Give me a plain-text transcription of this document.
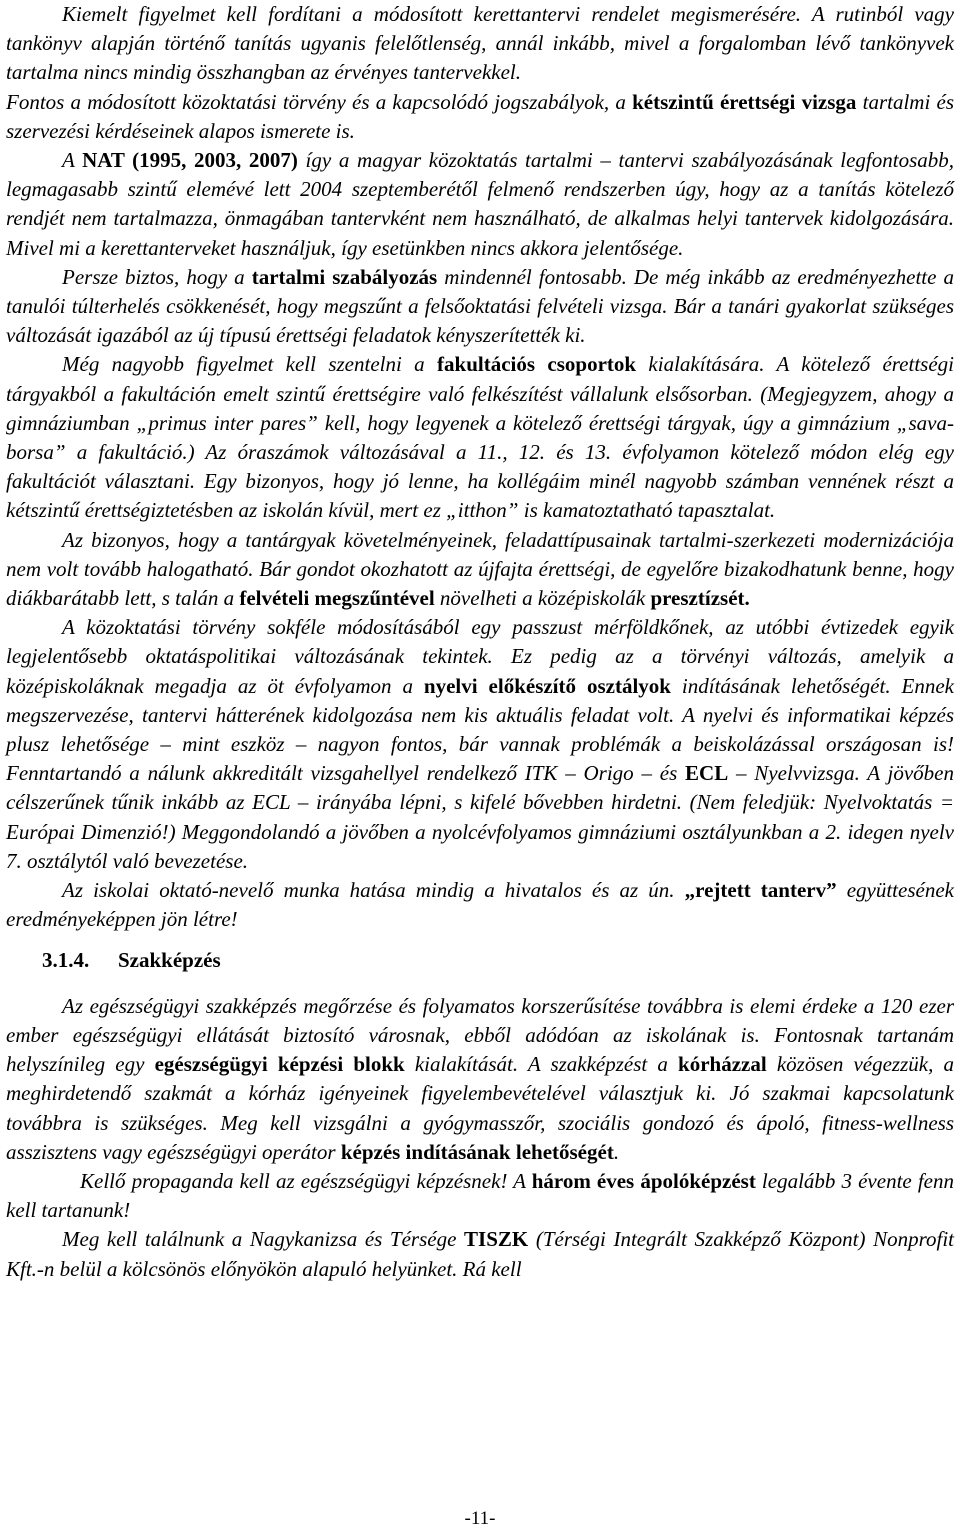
Kiemelt figyelmet kell fordítani a módosított kerettantervi rendelet megismerésére. A rutinból vagy tankönyv alapján történő tanítás ugyanis felelőtlenség, annál inkább, mivel a forgalomban lévő tankönyvek tartalma nincs mindig összhangban az érvényes tantervekkel.

Fontos a módosított közoktatási törvény és a kapcsolódó jogszabályok, a kétszintű érettségi vizsga tartalmi és szervezési kérdéseinek alapos ismerete is.

A NAT (1995, 2003, 2007) így a magyar közoktatás tartalmi – tantervi szabályozásának legfontosabb, legmagasabb szintű elemévé lett 2004 szeptemberétől felmenő rendszerben úgy, hogy az a tanítás kötelező rendjét nem tartalmazza, önmagában tantervként nem használható, de alkalmas helyi tantervek kidolgozására. Mivel mi a kerettanterveket használjuk, így esetünkben nincs akkora jelentősége.

Persze biztos, hogy a tartalmi szabályozás mindennél fontosabb. De még inkább az eredményezhette a tanulói túlterhelés csökkenését, hogy megszűnt a felsőoktatási felvételi vizsga. Bár a tanári gyakorlat szükséges változását igazából az új típusú érettségi feladatok kényszerítették ki.

Még nagyobb figyelmet kell szentelni a fakultációs csoportok kialakítására. A kötelező érettségi tárgyakból a fakultáción emelt szintű érettségire való felkészítést vállalunk elsősorban. (Megjegyzem, ahogy a gimnáziumban „primus inter pares” kell, hogy legyenek a kötelező érettségi tárgyak, úgy a gimnázium „sava-borsa” a fakultáció.) Az óraszámok változásával a 11., 12. és 13. évfolyamon kötelező módon elég egy fakultációt választani. Egy bizonyos, hogy jó lenne, ha kollégáim minél nagyobb számban vennének részt a kétszintű érettségiztetésben az iskolán kívül, mert ez „itthon” is kamatoztatható tapasztalat.

Az bizonyos, hogy a tantárgyak követelményeinek, feladattípusainak tartalmi-szerkezeti modernizációja nem volt tovább halogatható. Bár gondot okozhatott az újfajta érettségi, de egyelőre bizakodhatunk benne, hogy diákbarátabb lett, s talán a felvételi megszűntével növelheti a középiskolák presztízsét.

A közoktatási törvény sokféle módosításából egy passzust mérföldkőnek, az utóbbi évtizedek egyik legjelentősebb oktatáspolitikai változásának tekintek. Ez pedig az a törvényi változás, amelyik a középiskoláknak megadja az öt évfolyamon a nyelvi előkészítő osztályok indításának lehetőségét. Ennek megszervezése, tantervi hátterének kidolgozása nem kis aktuális feladat volt. A nyelvi és informatikai képzés plusz lehetősége – mint eszköz – nagyon fontos, bár vannak problémák a beiskolázással országosan is! Fenntartandó a nálunk akkreditált vizsgahellyel rendelkező ITK – Origo – és ECL – Nyelvvizsga. A jövőben célszerűnek tűnik inkább az ECL – irányába lépni, s kifelé bővebben hirdetni. (Nem feledjük: Nyelvoktatás = Európai Dimenzió!) Meggondolandó a jövőben a nyolcévfolyamos gimnáziumi osztályunkban a 2. idegen nyelv 7. osztálytól való bevezetése.

Az iskolai oktató-nevelő munka hatása mindig a hivatalos és az ún. „rejtett tanterv” együttesének eredményeképpen jön létre!

3.1.4. Szakképzés

Az egészségügyi szakképzés megőrzése és folyamatos korszerűsítése továbbra is elemi érdeke a 120 ezer ember egészségügyi ellátását biztosító városnak, ebből adódóan az iskolának is. Fontosnak tartanám helyszínileg egy egészségügyi képzési blokk kialakítását. A szakképzést a kórházzal közösen végezzük, a meghirdetendő szakmát a kórház igényeinek figyelembevételével választjuk ki. Jó szakmai kapcsolatunk továbbra is szükséges. Meg kell vizsgálni a gyógymasszőr, szociális gondozó és ápoló, fitness-wellness asszisztens vagy egészségügyi operátor képzés indításának lehetőségét.

Kellő propaganda kell az egészségügyi képzésnek! A három éves ápolóképzést legalább 3 évente fenn kell tartanunk!

Meg kell találnunk a Nagykanizsa és Térsége TISZK (Térségi Integrált Szakképző Központ) Nonprofit Kft.-n belül a kölcsönös előnyökön alapuló helyünket. Rá kell

-11-
